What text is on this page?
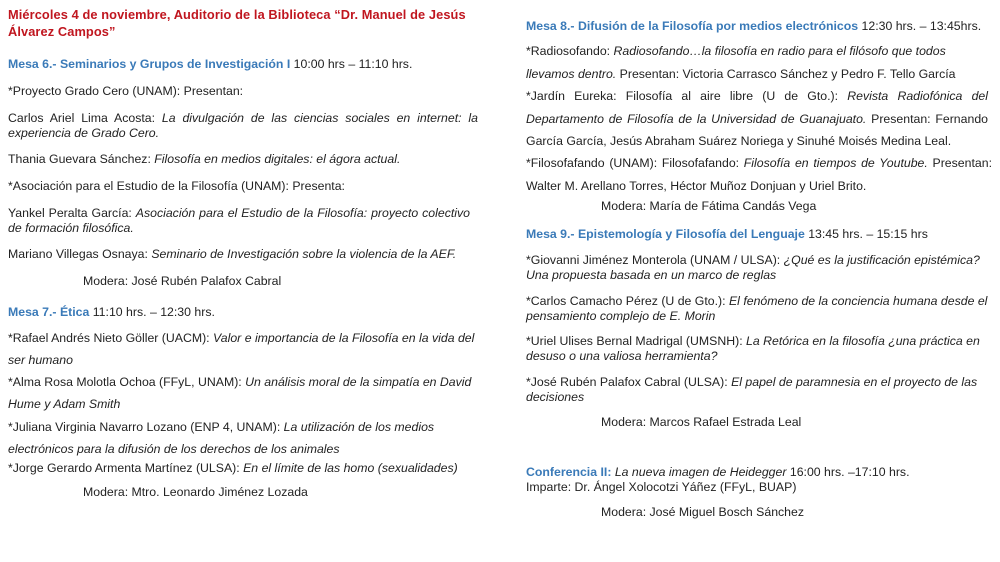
Miércoles 4 de noviembre, Auditorio de la Biblioteca “Dr. Manuel de Jesús
Álvarez Campos”
Mesa 6.- Seminarios y Grupos de Investigación I 10:00 hrs – 11:10 hrs.
*Proyecto Grado Cero (UNAM): Presentan:
Carlos Ariel Lima Acosta: La divulgación de las ciencias sociales en internet: la experiencia de Grado Cero.
Thania Guevara Sánchez: Filosofía en medios digitales: el ágora actual.
*Asociación para el Estudio de la Filosofía (UNAM): Presenta:
Yankel Peralta García: Asociación para el Estudio de la Filosofía: proyecto colectivo de formación filosófica.
Mariano Villegas Osnaya: Seminario de Investigación sobre la violencia de la AEF.
Modera: José Rubén Palafox Cabral
Mesa 7.- Ética 11:10 hrs. – 12:30 hrs.
*Rafael Andrés Nieto Göller (UACM): Valor e importancia de la Filosofía en la vida del ser humano
*Alma Rosa Molotla Ochoa (FFyL, UNAM): Un análisis moral de la simpatía en David Hume y Adam Smith
*Juliana Virginia Navarro Lozano (ENP 4, UNAM): La utilización de los medios electrónicos para la difusión de los derechos de los animales
*Jorge Gerardo Armenta Martínez (ULSA): En el límite de las homo (sexualidades)
Modera: Mtro. Leonardo Jiménez Lozada
Mesa 8.- Difusión de la Filosofía por medios electrónicos 12:30 hrs. – 13:45hrs.
*Radiosofando: Radiosofando…la filosofía en radio para el filósofo que todos llevamos dentro. Presentan: Victoria Carrasco Sánchez y Pedro F. Tello García
*Jardín Eureka: Filosofía al aire libre (U de Gto.): Revista Radiofónica del Departamento de Filosofía de la Universidad de Guanajuato. Presentan: Fernando García García, Jesús Abraham Suárez Noriega y Sinuhé Moisés Medina Leal.
*Filosofafando (UNAM): Filosofafando: Filosofía en tiempos de Youtube. Presentan: Walter M. Arellano Torres, Héctor Muñoz Donjuan y Uriel Brito.
Modera: María de Fátima Candás Vega
Mesa 9.- Epistemología y Filosofía del Lenguaje 13:45 hrs. – 15:15 hrs
*Giovanni Jiménez Monterola (UNAM / ULSA): ¿Qué es la justificación epistémica? Una propuesta basada en un marco de reglas
*Carlos Camacho Pérez (U de Gto.): El fenómeno de la conciencia humana desde el pensamiento complejo de E. Morin
*Uriel Ulises Bernal Madrigal (UMSNH): La Retórica en la filosofía ¿una práctica en desuso o una valiosa herramienta?
*José Rubén Palafox Cabral (ULSA): El papel de paramnesia en el proyecto de las decisiones
Modera: Marcos Rafael Estrada Leal
Conferencia II: La nueva imagen de Heidegger 16:00 hrs. –17:10 hrs.
Imparte: Dr. Ángel Xolocotzi Yáñez (FFyL, BUAP)
Modera: José Miguel Bosch Sánchez
